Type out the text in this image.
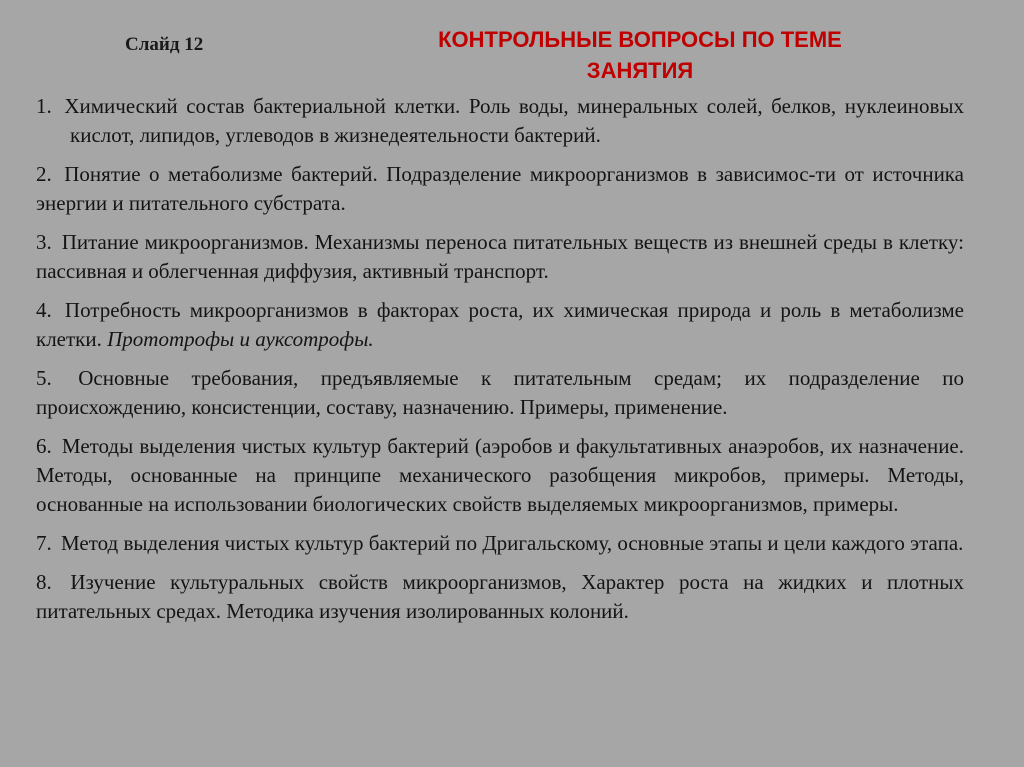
Слайд 12	КОНТРОЛЬНЫЕ ВОПРОСЫ ПО ТЕМЕ
ЗАНЯТИЯ
1. Химический состав бактериальной клетки. Роль воды, минеральных солей, белков, нуклеиновых кислот, липидов, углеводов в жизнедеятельности бактерий.
2. Понятие о метаболизме бактерий. Подразделение микроорганизмов в зависимос-ти от источника энергии и питательного субстрата.
3. Питание микроорганизмов. Механизмы переноса питательных веществ из внешней среды в клетку: пассивная и облегченная диффузия, активный транспорт.
4. Потребность микроорганизмов в факторах роста, их химическая природа и роль в метаболизме клетки. Прототрофы и ауксотрофы.
5. Основные требования, предъявляемые к питательным средам; их подразделение по происхождению, консистенции, составу, назначению. Примеры, применение.
6. Методы выделения чистых культур бактерий (аэробов и факультативных анаэробов, их назначение. Методы, основанные на принципе механического разобщения микробов, примеры. Методы, основанные на использовании биологических свойств выделяемых микроорганизмов, примеры.
7. Метод выделения чистых культур бактерий по Дригальскому, основные этапы и цели каждого этапа.
8. Изучение культуральных свойств микроорганизмов, Характер роста на жидких и плотных питательных средах. Методика изучения изолированных колоний.
